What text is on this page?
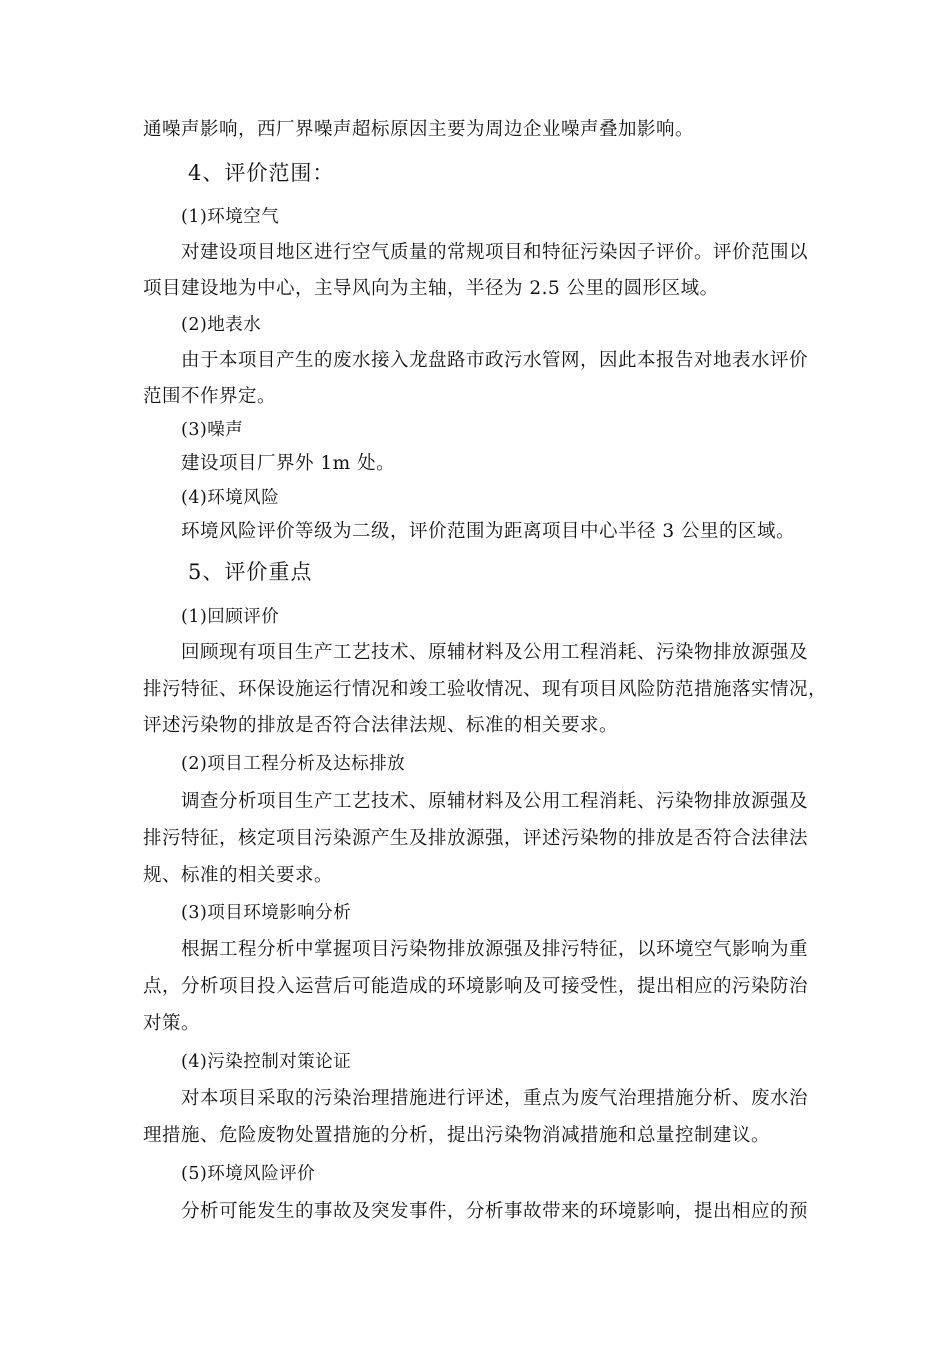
通噪声影响，西厂界噪声超标原因主要为周边企业噪声叠加影响。
4、评价范围：
(1)环境空气
对建设项目地区进行空气质量的常规项目和特征污染因子评价。评价范围以
项目建设地为中心，主导风向为主轴，半径为 2.5 公里的圆形区域。
(2)地表水
由于本项目产生的废水接入龙盘路市政污水管网，因此本报告对地表水评价
范围不作界定。
(3)噪声
建设项目厂界外 1m 处。
(4)环境风险
环境风险评价等级为二级，评价范围为距离项目中心半径 3 公里的区域。
5、评价重点
(1)回顾评价
回顾现有项目生产工艺技术、原辅材料及公用工程消耗、污染物排放源强及
排污特征、环保设施运行情况和竣工验收情况、现有项目风险防范措施落实情况，
评述污染物的排放是否符合法律法规、标准的相关要求。
(2)项目工程分析及达标排放
调查分析项目生产工艺技术、原辅材料及公用工程消耗、污染物排放源强及
排污特征，核定项目污染源产生及排放源强，评述污染物的排放是否符合法律法
规、标准的相关要求。
(3)项目环境影响分析
根据工程分析中掌握项目污染物排放源强及排污特征，以环境空气影响为重
点，分析项目投入运营后可能造成的环境影响及可接受性，提出相应的污染防治
对策。
(4)污染控制对策论证
对本项目采取的污染治理措施进行评述，重点为废气治理措施分析、废水治
理措施、危险废物处置措施的分析，提出污染物消减措施和总量控制建议。
(5)环境风险评价
分析可能发生的事故及突发事件，分析事故带来的环境影响，提出相应的预
